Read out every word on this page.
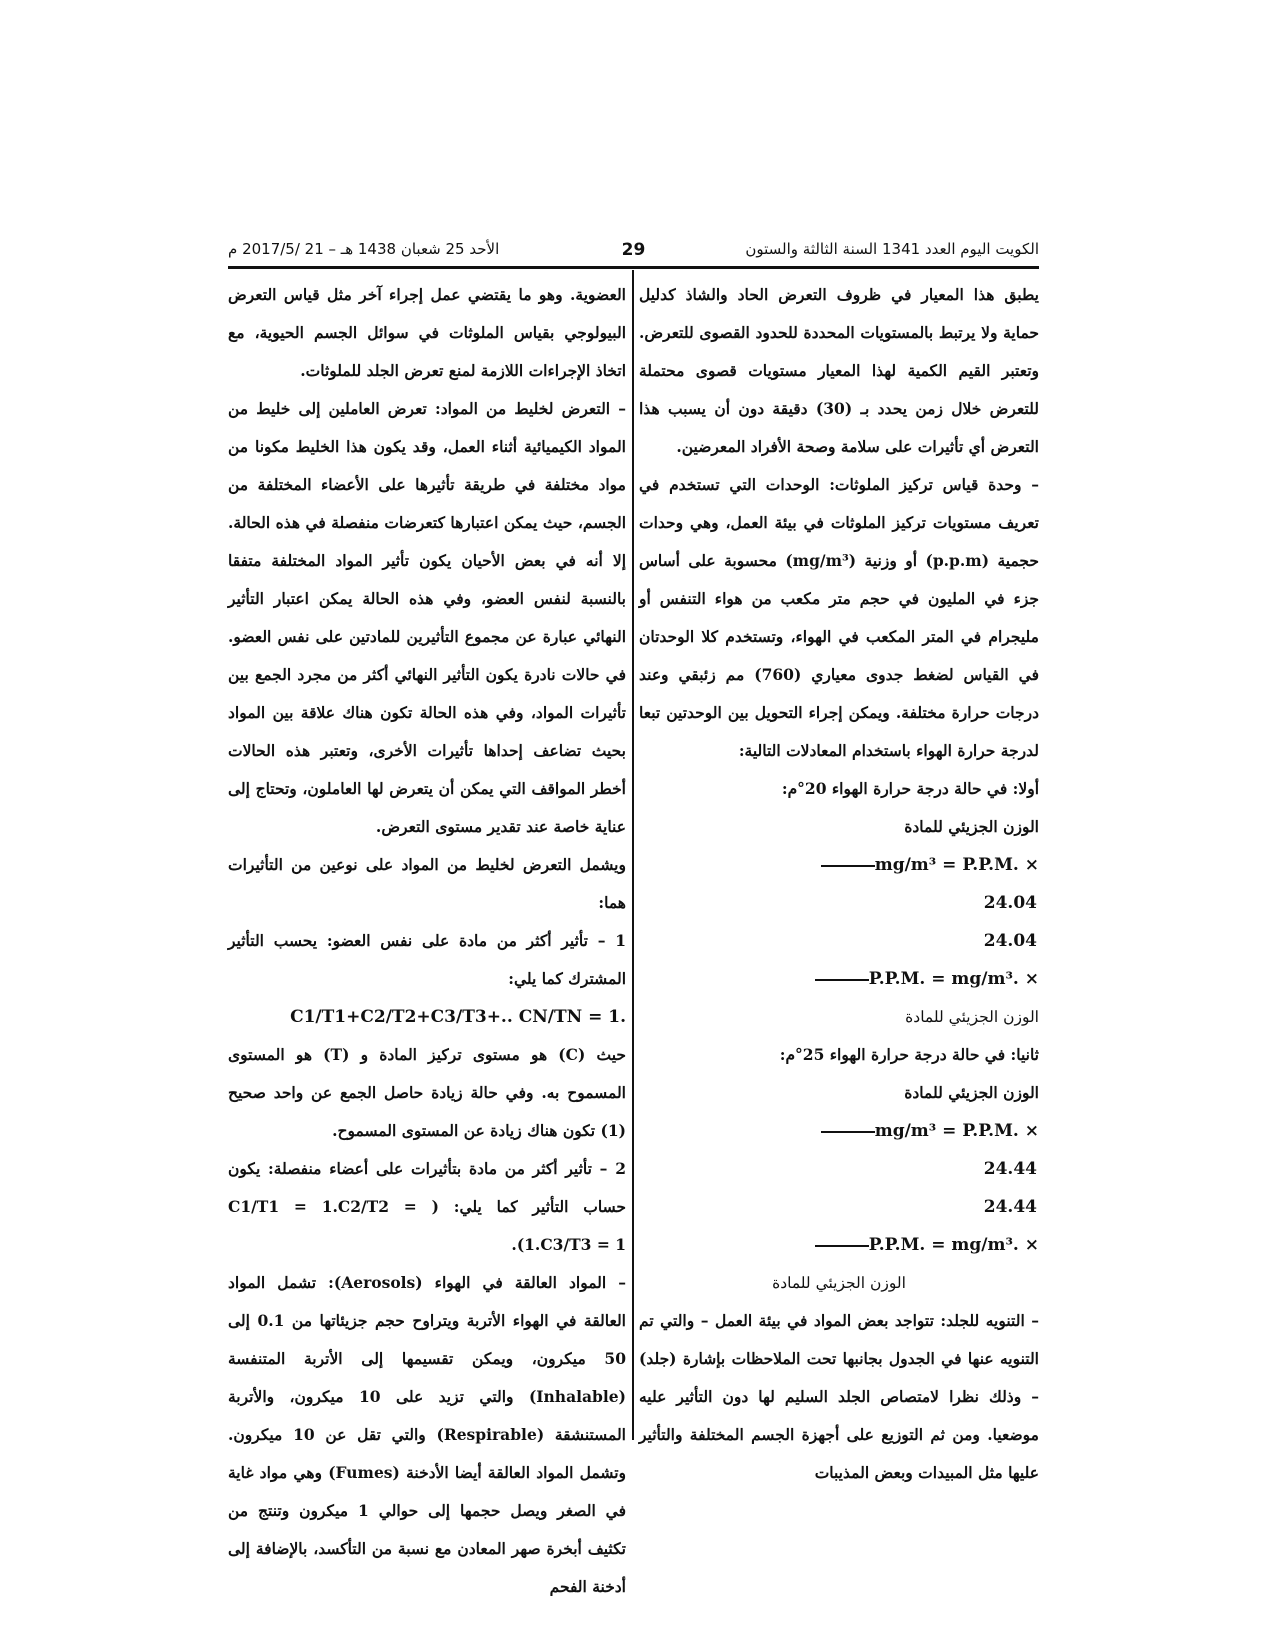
الكويت اليوم العدد 1341 السنة الثالثة والستون
29
الأحد 25 شعبان 1438 هـ – 21 /2017/5 م

يطبق هذا المعيار في ظروف التعرض الحاد والشاذ كدليل حماية ولا يرتبط بالمستويات المحددة للحدود القصوى للتعرض. وتعتبر القيم الكمية لهذا المعيار مستويات قصوى محتملة للتعرض خلال زمن يحدد بـ (30) دقيقة دون أن يسبب هذا التعرض أي تأثيرات على سلامة وصحة الأفراد المعرضين.

– وحدة قياس تركيز الملوثات: الوحدات التي تستخدم في تعريف مستويات تركيز الملوثات في بيئة العمل، وهي وحدات حجمية (p.p.m) أو وزنية (mg/m³) محسوبة على أساس جزء في المليون في حجم متر مكعب من هواء التنفس أو مليجرام في المتر المكعب في الهواء، وتستخدم كلا الوحدتان في القياس لضغط جدوى معياري (760) مم زئبقي وعند درجات حرارة مختلفة. ويمكن إجراء التحويل بين الوحدتين تبعا لدرجة حرارة الهواء باستخدام المعادلات التالية:

أولا: في حالة درجة حرارة الهواء 20°م:

الوزن الجزيئي للمادة

mg/m³ = P.P.M. ×

24.04

24.04

P.P.M. = mg/m³. ×

الوزن الجزيئي للمادة

ثانيا: في حالة درجة حرارة الهواء 25°م:

الوزن الجزيئي للمادة

mg/m³ = P.P.M. ×

24.44

24.44

P.P.M. = mg/m³. ×

الوزن الجزيئي للمادة

– التنويه للجلد: تتواجد بعض المواد في بيئة العمل – والتي تم التنويه عنها في الجدول بجانبها تحت الملاحظات بإشارة (جلد) – وذلك نظرا لامتصاص الجلد السليم لها دون التأثير عليه موضعيا. ومن ثم التوزيع على أجهزة الجسم المختلفة والتأثير عليها مثل المبيدات وبعض المذيبات

العضوية. وهو ما يقتضي عمل إجراء آخر مثل قياس التعرض البيولوجي بقياس الملوثات في سوائل الجسم الحيوية، مع اتخاذ الإجراءات اللازمة لمنع تعرض الجلد للملوثات.

– التعرض لخليط من المواد: تعرض العاملين إلى خليط من المواد الكيميائية أثناء العمل، وقد يكون هذا الخليط مكونا من مواد مختلفة في طريقة تأثيرها على الأعضاء المختلفة من الجسم، حيث يمكن اعتبارها كتعرضات منفصلة في هذه الحالة. إلا أنه في بعض الأحيان يكون تأثير المواد المختلفة متفقا بالنسبة لنفس العضو، وفي هذه الحالة يمكن اعتبار التأثير النهائي عبارة عن مجموع التأثيرين للمادتين على نفس العضو. في حالات نادرة يكون التأثير النهائي أكثر من مجرد الجمع بين تأثيرات المواد، وفي هذه الحالة تكون هناك علاقة بين المواد بحيث تضاعف إحداها تأثيرات الأخرى، وتعتبر هذه الحالات أخطر المواقف التي يمكن أن يتعرض لها العاملون، وتحتاج إلى عناية خاصة عند تقدير مستوى التعرض.

ويشمل التعرض لخليط من المواد على نوعين من التأثيرات هما:

1 – تأثير أكثر من مادة على نفس العضو: يحسب التأثير المشترك كما يلي:

C1/T1+C2/T2+C3/T3+.. CN/TN = 1.

حيث (C) هو مستوى تركيز المادة و (T) هو المستوى المسموح به. وفي حالة زيادة حاصل الجمع عن واحد صحيح (1) تكون هناك زيادة عن المستوى المسموح.

2 – تأثير أكثر من مادة بتأثيرات على أعضاء منفصلة: يكون حساب التأثير كما يلي: ( C1/T1 = 1.C2/T2 = (1.C3/T3 = 1.

– المواد العالقة في الهواء (Aerosols): تشمل المواد العالقة في الهواء الأتربة ويتراوح حجم جزيئاتها من 0.1 إلى 50 ميكرون، ويمكن تقسيمها إلى الأتربة المتنفسة (Inhalable) والتي تزيد على 10 ميكرون، والأتربة المستنشقة (Respirable) والتي تقل عن 10 ميكرون. وتشمل المواد العالقة أيضا الأدخنة (Fumes) وهي مواد غاية في الصغر ويصل حجمها إلى حوالي 1 ميكرون وتنتج من تكثيف أبخرة صهر المعادن مع نسبة من التأكسد، بالإضافة إلى أدخنة الفحم
